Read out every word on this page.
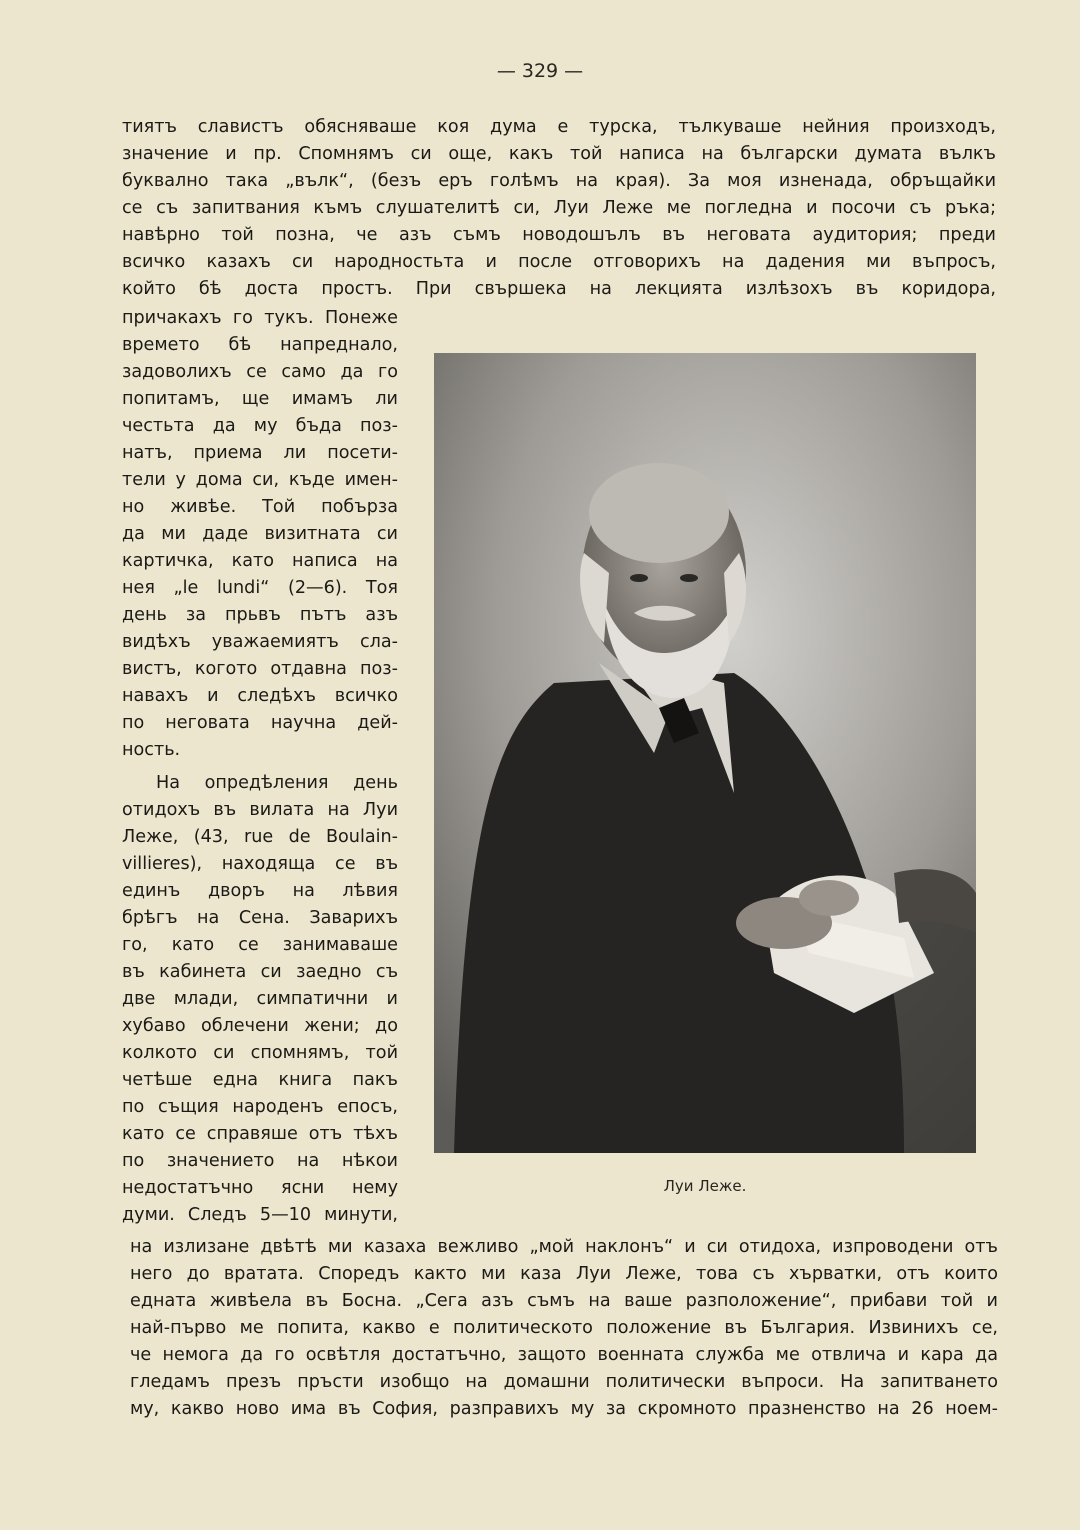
— 329 —
тиятъ славистъ обясняваше коя дума е турска, тълкуваше нейния произходъ,
значение и пр. Спомнямъ си още, какъ той написа на български думата вълкъ
буквално така „вълк“, (безъ еръ голѣмъ на края). За моя изненада, обръщайки
се съ запитвания къмъ слушателитѣ си, Луи Леже ме погледна и посочи съ ръка;
навѣрно той позна, че азъ съмъ новодошълъ въ неговата аудитория; преди
всичко казахъ си народностьта и после отговорихъ на дадения ми въпросъ,
който бѣ доста простъ. При свършека на лекцията излѣзохъ въ коридора,

причакахъ го тукъ. Понеже

времето бѣ напреднало,

задоволихъ се само да го

попитамъ, ще имамъ ли

честьта да му бъда поз-

натъ, приема ли посети-

тели у дома си, къде имен-

но живѣе. Той побърза

да ми даде визитната си

картичка, като написа на

нея „le lundi“ (2—6). Тоя

день за прьвъ пътъ азъ

видѣхъ уважаемиятъ сла-

вистъ, когото отдавна поз-

навахъ и следѣхъ всичко

по неговата научна дей-

ность.

На опредѣления день

отидохъ въ вилата на Луи

Леже, (43, rue de Boulain-

villieres), находяща се въ

единъ дворъ на лѣвия

брѣгъ на Сена. Заварихъ

го, като се занимаваше

въ кабинета си заедно съ

две млади, симпатични и

хубаво облечени жени; до

колкото си спомнямъ, той

четѣше една книга пакъ

по същия народенъ епосъ,

като се справяше отъ тѣхъ

по значението на нѣкои

недостатъчно ясни нему

думи. Следъ 5—10 минути,

Луи Леже.

на излизане двѣтѣ ми казаха вежливо „мой наклонъ“ и си отидоха, изпроводени отъ

него до вратата. Споредъ както ми каза Луи Леже, това съ хърватки, отъ които

едната живѣела въ Босна. „Сега азъ съмъ на ваше разположение“, прибави той и

най-първо ме попита, какво е политическото положение въ България. Извинихъ се,

че немога да го освѣтля достатъчно, защото военната служба ме отвлича и кара да

гледамъ презъ пръсти изобщо на домашни политически въпроси. На запитването

му, какво ново има въ София, разправихъ му за скромното празненство на 26 ноем-
